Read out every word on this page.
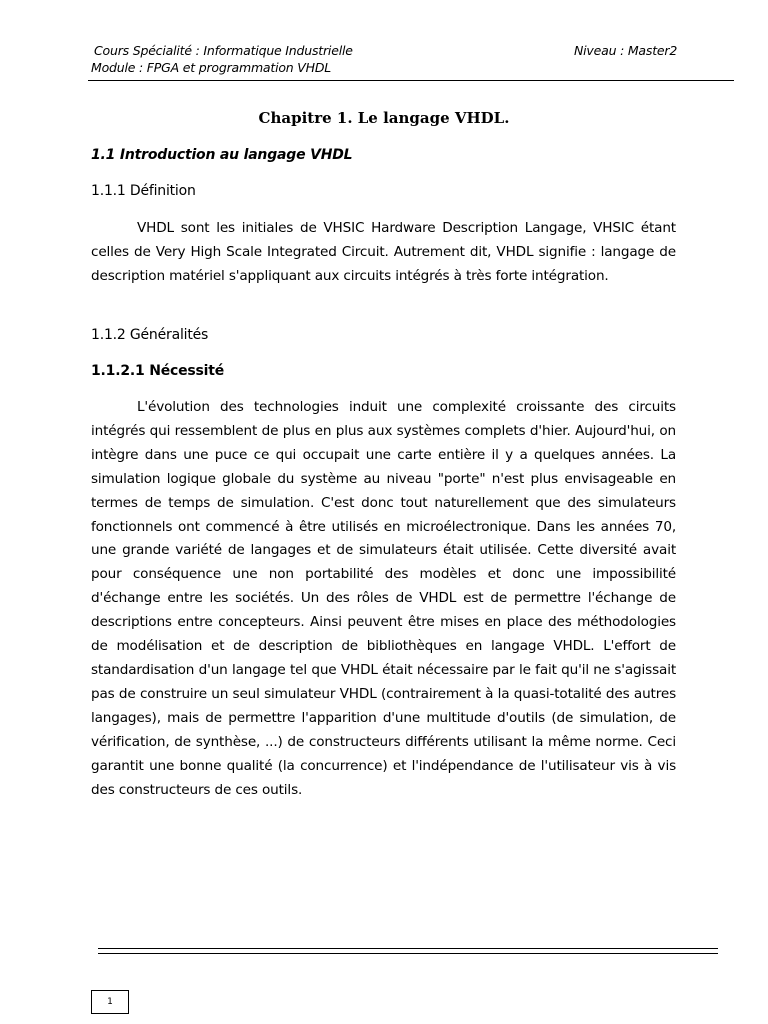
Cours Spécialité : Informatique Industrielle	Niveau : Master2
Module : FPGA et programmation VHDL
Chapitre 1. Le langage VHDL.
1.1 Introduction au langage VHDL
1.1.1 Définition

VHDL sont les initiales de VHSIC Hardware Description Langage, VHSIC étant celles de Very High Scale Integrated Circuit. Autrement dit, VHDL signifie : langage de description matériel s'appliquant aux circuits intégrés à très forte intégration.

1.1.2 Généralités
1.1.2.1 Nécessité

L'évolution des technologies induit une complexité croissante des circuits intégrés qui ressemblent de plus en plus aux systèmes complets d'hier. Aujourd'hui, on intègre dans une puce ce qui occupait une carte entière il y a quelques années. La simulation logique globale du système au niveau "porte" n'est plus envisageable en termes de temps de simulation. C'est donc tout naturellement que des simulateurs fonctionnels ont commencé à être utilisés en microélectronique. Dans les années 70, une grande variété de langages et de simulateurs était utilisée. Cette diversité avait pour conséquence une non portabilité des modèles et donc une impossibilité d'échange entre les sociétés. Un des rôles de VHDL est de permettre l'échange de descriptions entre concepteurs. Ainsi peuvent être mises en place des méthodologies de modélisation et de description de bibliothèques en langage VHDL. L'effort de standardisation d'un langage tel que VHDL était nécessaire par le fait qu'il ne s'agissait pas de construire un seul simulateur VHDL (contrairement à la quasi-totalité des autres langages), mais de permettre l'apparition d'une multitude d'outils (de simulation, de vérification, de synthèse, ...) de constructeurs différents utilisant la même norme. Ceci garantit une bonne qualité (la concurrence) et l'indépendance de l'utilisateur vis à vis des constructeurs de ces outils.

1
